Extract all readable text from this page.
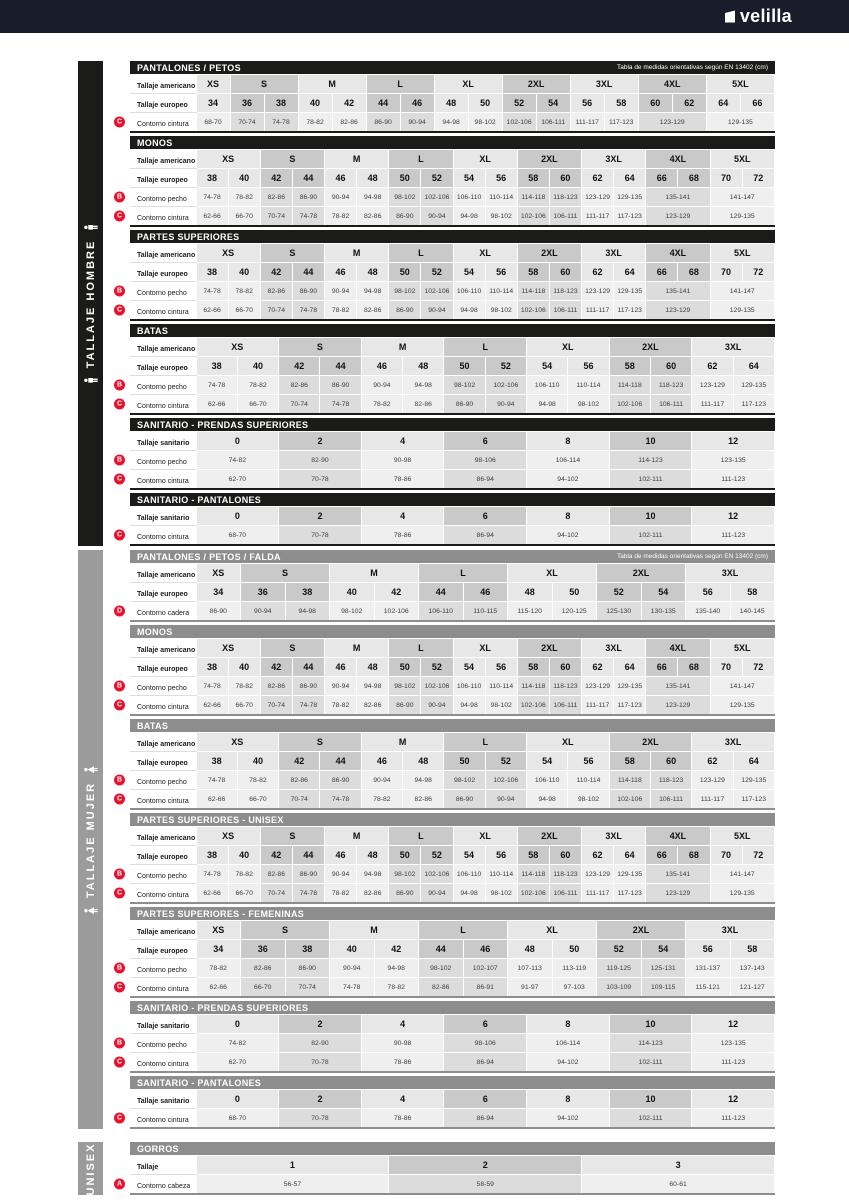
velilla
TALLAJE HOMBRE
PANTALONES / PETOS	Tabla de medidas orientativas según EN 13402 (cm)
Tallaje americano	XS	S		M		L		XL		2XL		3XL		4XL		5XL	
Tallaje europeo	34	36	38	40	42	44	46	48	50	52	54	56	58	60	62	64	66

C Contorno cintura	68-70	70-74	74-78	78-82	82-86	86-90	90-94	94-98	98-102	102-106	106-111	111-117	117-123	123-129		129-135	
MONOS
Tallaje americano	XS		S		M		L		XL		2XL		3XL		4XL		5XL	
Tallaje europeo	38	40	42	44	46	48	50	52	54	56	58	60	62	64	66	68	70	72

B Contorno pecho	74-78	78-82	82-86	86-90	90-94	94-98	98-102	102-106	106-110	110-114	114-118	118-123	123-129	129-135	135-141		141-147	

C Contorno cintura	62-66	66-70	70-74	74-78	78-82	82-86	86-90	90-94	94-98	98-102	102-106	106-111	111-117	117-123	123-129		129-135	
PARTES SUPERIORES
Tallaje americano	XS		S		M		L		XL		2XL		3XL		4XL		5XL	
Tallaje europeo	38	40	42	44	46	48	50	52	54	56	58	60	62	64	66	68	70	72

B Contorno pecho	74-78	78-82	82-86	86-90	90-94	94-98	98-102	102-106	106-110	110-114	114-118	118-123	123-129	129-135	135-141		141-147	

C Contorno cintura	62-66	66-70	70-74	74-78	78-82	82-86	86-90	90-94	94-98	98-102	102-106	106-111	111-117	117-123	123-129		129-135	
BATAS
Tallaje americano	XS		S		M		L		XL		2XL		3XL	
Tallaje europeo	38	40	42	44	46	48	50	52	54	56	58	60	62	64

B Contorno pecho	74-78	78-82	82-86	86-90	90-94	94-98	98-102	102-106	106-110	110-114	114-118	118-123	123-129	129-135

C Contorno cintura	62-66	66-70	70-74	74-78	78-82	82-86	86-90	90-94	94-98	98-102	102-106	106-111	111-117	117-123
SANITARIO - PRENDAS SUPERIORES
Tallaje sanitario	0	2	4	6	8	10	12

B Contorno pecho	74-82	82-90	90-98	98-106	106-114	114-123	123-135

C Contorno cintura	62-70	70-78	78-86	86-94	94-102	102-111	111-123
SANITARIO - PANTALONES
Tallaje sanitario	0	2	4	6	8	10	12

C Contorno cintura	68-70	70-78	78-86	86-94	94-102	102-111	111-123
TALLAJE MUJER
PANTALONES / PETOS / FALDA	Tabla de medidas orientativas según EN 13402 (cm)
Tallaje americano	XS	S		M		L		XL		2XL		3XL	
Tallaje europeo	34	36	38	40	42	44	46	48	50	52	54	56	58

D Contorno cadera	86-90	90-94	94-98	98-102	102-106	106-110	110-115	115-120	120-125	125-130	130-135	135-140	140-145
MONOS
Tallaje americano	XS		S		M		L		XL		2XL		3XL		4XL		5XL	
Tallaje europeo	38	40	42	44	46	48	50	52	54	56	58	60	62	64	66	68	70	72

B Contorno pecho	74-78	78-82	82-86	86-90	90-94	94-98	98-102	102-106	106-110	110-114	114-118	118-123	123-129	129-135	135-141		141-147	

C Contorno cintura	62-66	66-70	70-74	74-78	78-82	82-86	86-90	90-94	94-98	98-102	102-106	106-111	111-117	117-123	123-129		129-135	
BATAS
Tallaje americano	XS		S		M		L		XL		2XL		3XL	
Tallaje europeo	38	40	42	44	46	48	50	52	54	56	58	60	62	64

B Contorno pecho	74-78	78-82	82-86	86-90	90-94	94-98	98-102	102-106	106-110	110-114	114-118	118-123	123-129	129-135

C Contorno cintura	62-66	66-70	70-74	74-78	78-82	82-86	86-90	90-94	94-98	98-102	102-106	106-111	111-117	117-123
PARTES SUPERIORES - UNISEX
Tallaje americano	XS		S		M		L		XL		2XL		3XL		4XL		5XL	
Tallaje europeo	38	40	42	44	46	48	50	52	54	56	58	60	62	64	66	68	70	72

B Contorno pecho	74-78	78-82	82-86	86-90	90-94	94-98	98-102	102-106	106-110	110-114	114-118	118-123	123-129	129-135	135-141		141-147	

C Contorno cintura	62-66	66-70	70-74	74-78	78-82	82-86	86-90	90-94	94-98	98-102	102-106	106-111	111-117	117-123	123-129		129-135	
PARTES SUPERIORES - FEMENINAS
Tallaje americano	XS	S		M		L		XL		2XL		3XL	
Tallaje europeo	34	36	38	40	42	44	46	48	50	52	54	56	58

B Contorno pecho	78-82	82-86	86-90	90-94	94-98	98-102	102-107	107-113	113-119	119-125	125-131	131-137	137-143

C Contorno cintura	62-66	66-70	70-74	74-78	78-82	82-86	86-91	91-97	97-103	103-109	109-115	115-121	121-127
SANITARIO - PRENDAS SUPERIORES
Tallaje sanitario	0	2	4	6	8	10	12

B Contorno pecho	74-82	82-90	90-98	98-106	106-114	114-123	123-135

C Contorno cintura	62-70	70-78	78-86	86-94	94-102	102-111	111-123
SANITARIO - PANTALONES
Tallaje sanitario	0	2	4	6	8	10	12

C Contorno cintura	68-70	70-78	78-86	86-94	94-102	102-111	111-123
UNISEX	GORROS
Tallaje	1	2	3

A Contorno cabeza	56-57	58-59	60-61
